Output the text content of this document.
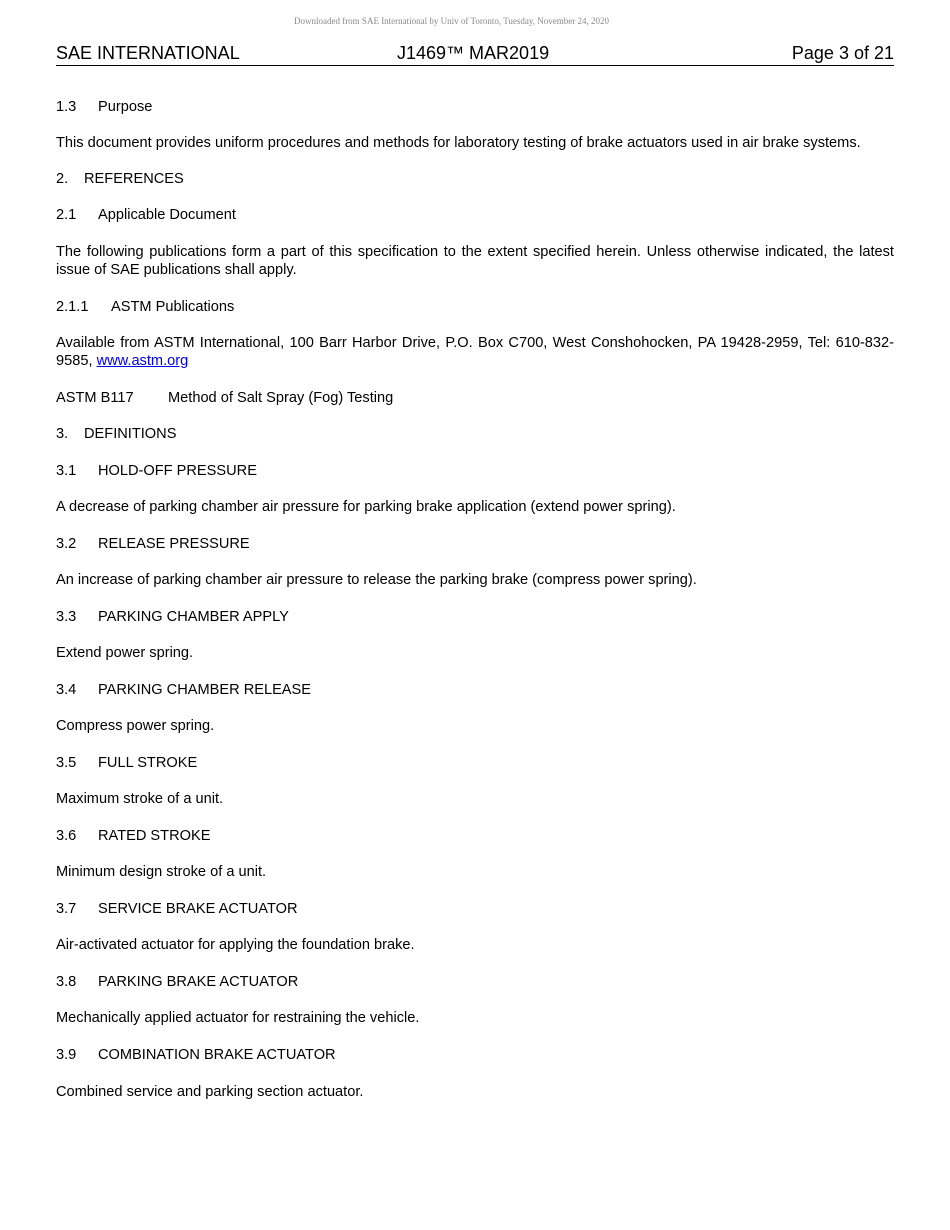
Downloaded from SAE International by Univ of Toronto, Tuesday, November 24, 2020
SAE INTERNATIONAL	J1469™ MAR2019	Page 3 of 21

1.3 Purpose

This document provides uniform procedures and methods for laboratory testing of brake actuators used in air brake systems.

2. REFERENCES

2.1 Applicable Document

The following publications form a part of this specification to the extent specified herein. Unless otherwise indicated, the latest issue of SAE publications shall apply.

2.1.1 ASTM Publications

Available from ASTM International, 100 Barr Harbor Drive, P.O. Box C700, West Conshohocken, PA 19428-2959, Tel: 610-832-9585, www.astm.org

ASTM B117 Method of Salt Spray (Fog) Testing

3. DEFINITIONS

3.1 HOLD-OFF PRESSURE

A decrease of parking chamber air pressure for parking brake application (extend power spring).

3.2 RELEASE PRESSURE

An increase of parking chamber air pressure to release the parking brake (compress power spring).

3.3 PARKING CHAMBER APPLY

Extend power spring.

3.4 PARKING CHAMBER RELEASE

Compress power spring.

3.5 FULL STROKE

Maximum stroke of a unit.

3.6 RATED STROKE

Minimum design stroke of a unit.

3.7 SERVICE BRAKE ACTUATOR

Air-activated actuator for applying the foundation brake.

3.8 PARKING BRAKE ACTUATOR

Mechanically applied actuator for restraining the vehicle.

3.9 COMBINATION BRAKE ACTUATOR

Combined service and parking section actuator.
